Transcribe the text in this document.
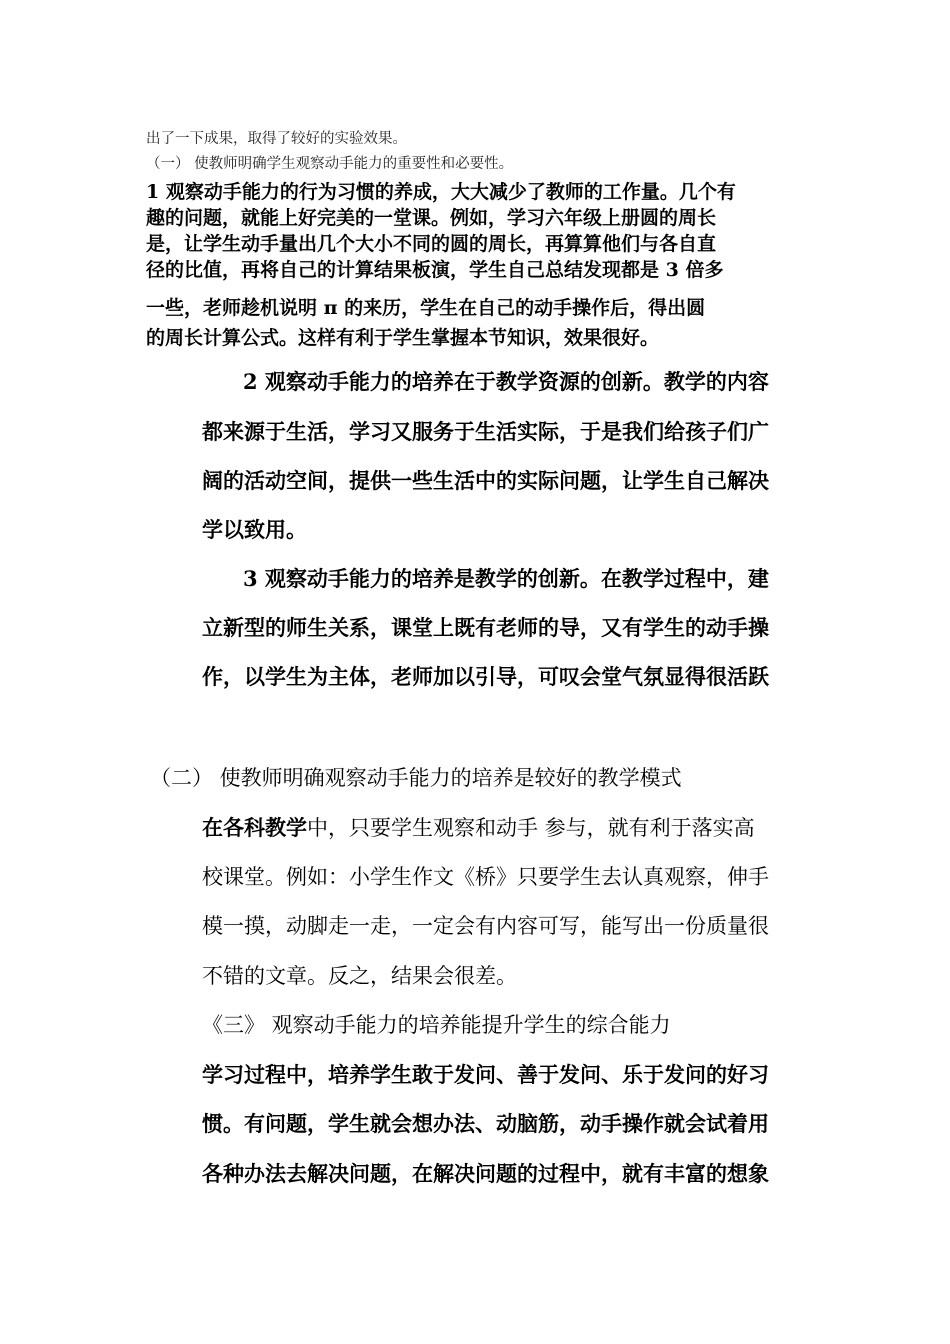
出了一下成果，取得了较好的实验效果。
（一） 使教师明确学生观察动手能力的重要性和必要性。
1 观察动手能力的行为习惯的养成，大大减少了教师的工作量。几个有
趣的问题，就能上好完美的一堂课。例如，学习六年级上册圆的周长
是，让学生动手量出几个大小不同的圆的周长，再算算他们与各自直
径的比值，再将自己的计算结果板演，学生自己总结发现都是 3 倍多
一些，老师趁机说明 π 的来历，学生在自己的动手操作后，得出圆
的周长计算公式。这样有利于学生掌握本节知识，效果很好。
2 观察动手能力的培养在于教学资源的创新。教学的内容
都来源于生活，学习又服务于生活实际，于是我们给孩子们广
阔的活动空间，提供一些生活中的实际问题，让学生自己解决
学以致用。
3 观察动手能力的培养是教学的创新。在教学过程中，建
立新型的师生关系，课堂上既有老师的导，又有学生的动手操
作，以学生为主体，老师加以引导，可叹会堂气氛显得很活跃
（二） 使教师明确观察动手能力的培养是较好的教学模式
在各科教学中，只要学生观察和动手 参与，就有利于落实高
校课堂。例如：小学生作文《桥》只要学生去认真观察，伸手
模一摸，动脚走一走，一定会有内容可写，能写出一份质量很
不错的文章。反之，结果会很差。
《三》 观察动手能力的培养能提升学生的综合能力
学习过程中，培养学生敢于发问、善于发问、乐于发问的好习
惯。有问题，学生就会想办法、动脑筋，动手操作就会试着用
各种办法去解决问题，在解决问题的过程中，就有丰富的想象
